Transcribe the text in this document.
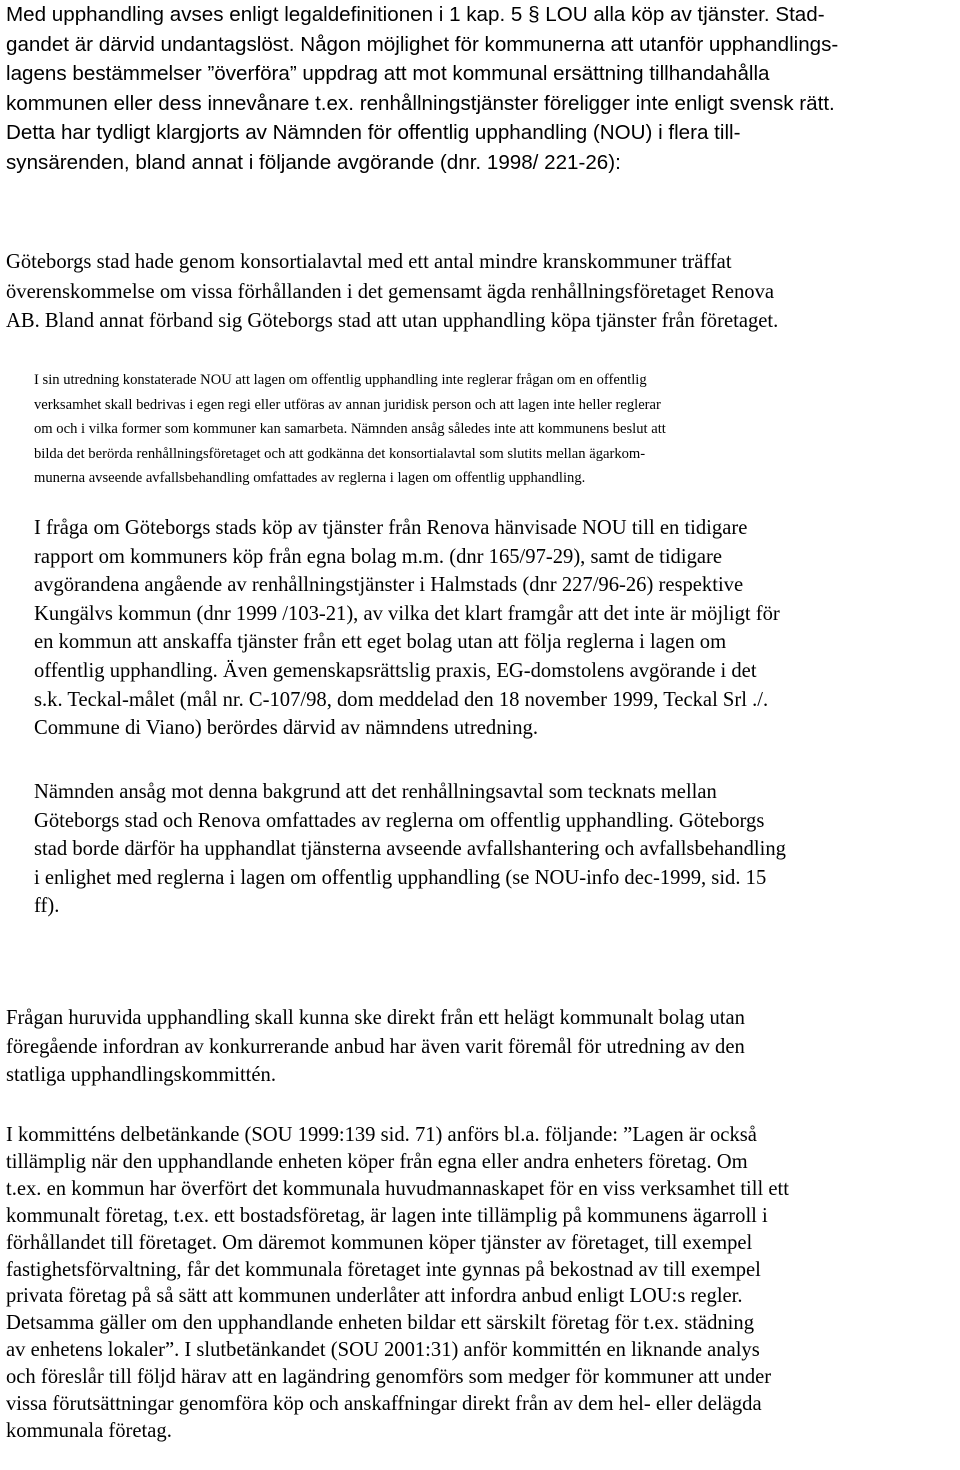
Med upphandling avses enligt legaldefinitionen i 1 kap. 5 § LOU alla köp av tjänster. Stad-
gandet är därvid undantagslöst. Någon möjlighet för kommunerna att utanför upphandlings-
lagens bestämmelser ”överföra” uppdrag att mot kommunal ersättning tillhandahålla
kommunen eller dess innevånare t.ex. renhållningstjänster föreligger inte enligt svensk rätt.
Detta har tydligt klargjorts av Nämnden för offentlig upphandling (NOU) i flera till-
synsärenden, bland annat i följande avgörande (dnr. 1998/ 221-26):

Göteborgs stad hade genom konsortialavtal med ett antal mindre kranskommuner träffat
överenskommelse om vissa förhållanden i det gemensamt ägda renhållningsföretaget Renova
AB. Bland annat förband sig Göteborgs stad att utan upphandling köpa tjänster från företaget.

I sin utredning konstaterade NOU att lagen om offentlig upphandling inte reglerar frågan om en offentlig
verksamhet skall bedrivas i egen regi eller utföras av annan juridisk person och att lagen inte heller reglerar
om och i vilka former som kommuner kan samarbeta. Nämnden ansåg således inte att kommunens beslut att
bilda det berörda renhållningsföretaget och att godkänna det konsortialavtal som slutits mellan ägarkom-
munerna avseende avfallsbehandling omfattades av reglerna i lagen om offentlig upphandling.

I fråga om Göteborgs stads köp av tjänster från Renova hänvisade NOU till en tidigare
rapport om kommuners köp från egna bolag m.m. (dnr 165/97-29), samt de tidigare
avgörandena angående av renhållningstjänster i Halmstads (dnr 227/96-26) respektive
Kungälvs kommun (dnr 1999 /103-21), av vilka det klart framgår att det inte är möjligt för
en kommun att anskaffa tjänster från ett eget bolag utan att följa reglerna i lagen om
offentlig upphandling. Även gemenskapsrättslig praxis, EG-domstolens avgörande i det
s.k. Teckal-målet (mål nr. C-107/98, dom meddelad den 18 november 1999, Teckal Srl ./.
Commune di Viano) berördes därvid av nämndens utredning.

Nämnden ansåg mot denna bakgrund att det renhållningsavtal som tecknats mellan
Göteborgs stad och Renova omfattades av reglerna om offentlig upphandling. Göteborgs
stad borde därför ha upphandlat tjänsterna avseende avfallshantering och avfallsbehandling
i enlighet med reglerna i lagen om offentlig upphandling (se NOU-info dec-1999, sid. 15
ff).

Frågan huruvida upphandling skall kunna ske direkt från ett helägt kommunalt bolag utan
föregående infordran av konkurrerande anbud har även varit föremål för utredning av den
statliga upphandlingskommittén.

I kommitténs delbetänkande (SOU 1999:139 sid. 71) anförs bl.a. följande: ”Lagen är också
tillämplig när den upphandlande enheten köper från egna eller andra enheters företag. Om
t.ex. en kommun har överfört det kommunala huvudmannaskapet för en viss verksamhet till ett
kommunalt företag, t.ex. ett bostadsföretag, är lagen inte tillämplig på kommunens ägarroll i
förhållandet till företaget. Om däremot kommunen köper tjänster av företaget, till exempel
fastighetsförvaltning, får det kommunala företaget inte gynnas på bekostnad av till exempel
privata företag på så sätt att kommunen underlåter att infordra anbud enligt LOU:s regler.
Detsamma gäller om den upphandlande enheten bildar ett särskilt företag för t.ex. städning
av enhetens lokaler”. I slutbetänkandet (SOU 2001:31) anför kommittén en liknande analys
och föreslår till följd härav att en lagändring genomförs som medger för kommuner att under
vissa förutsättningar genomföra köp och anskaffningar direkt från av dem hel- eller delägda
kommunala företag.
